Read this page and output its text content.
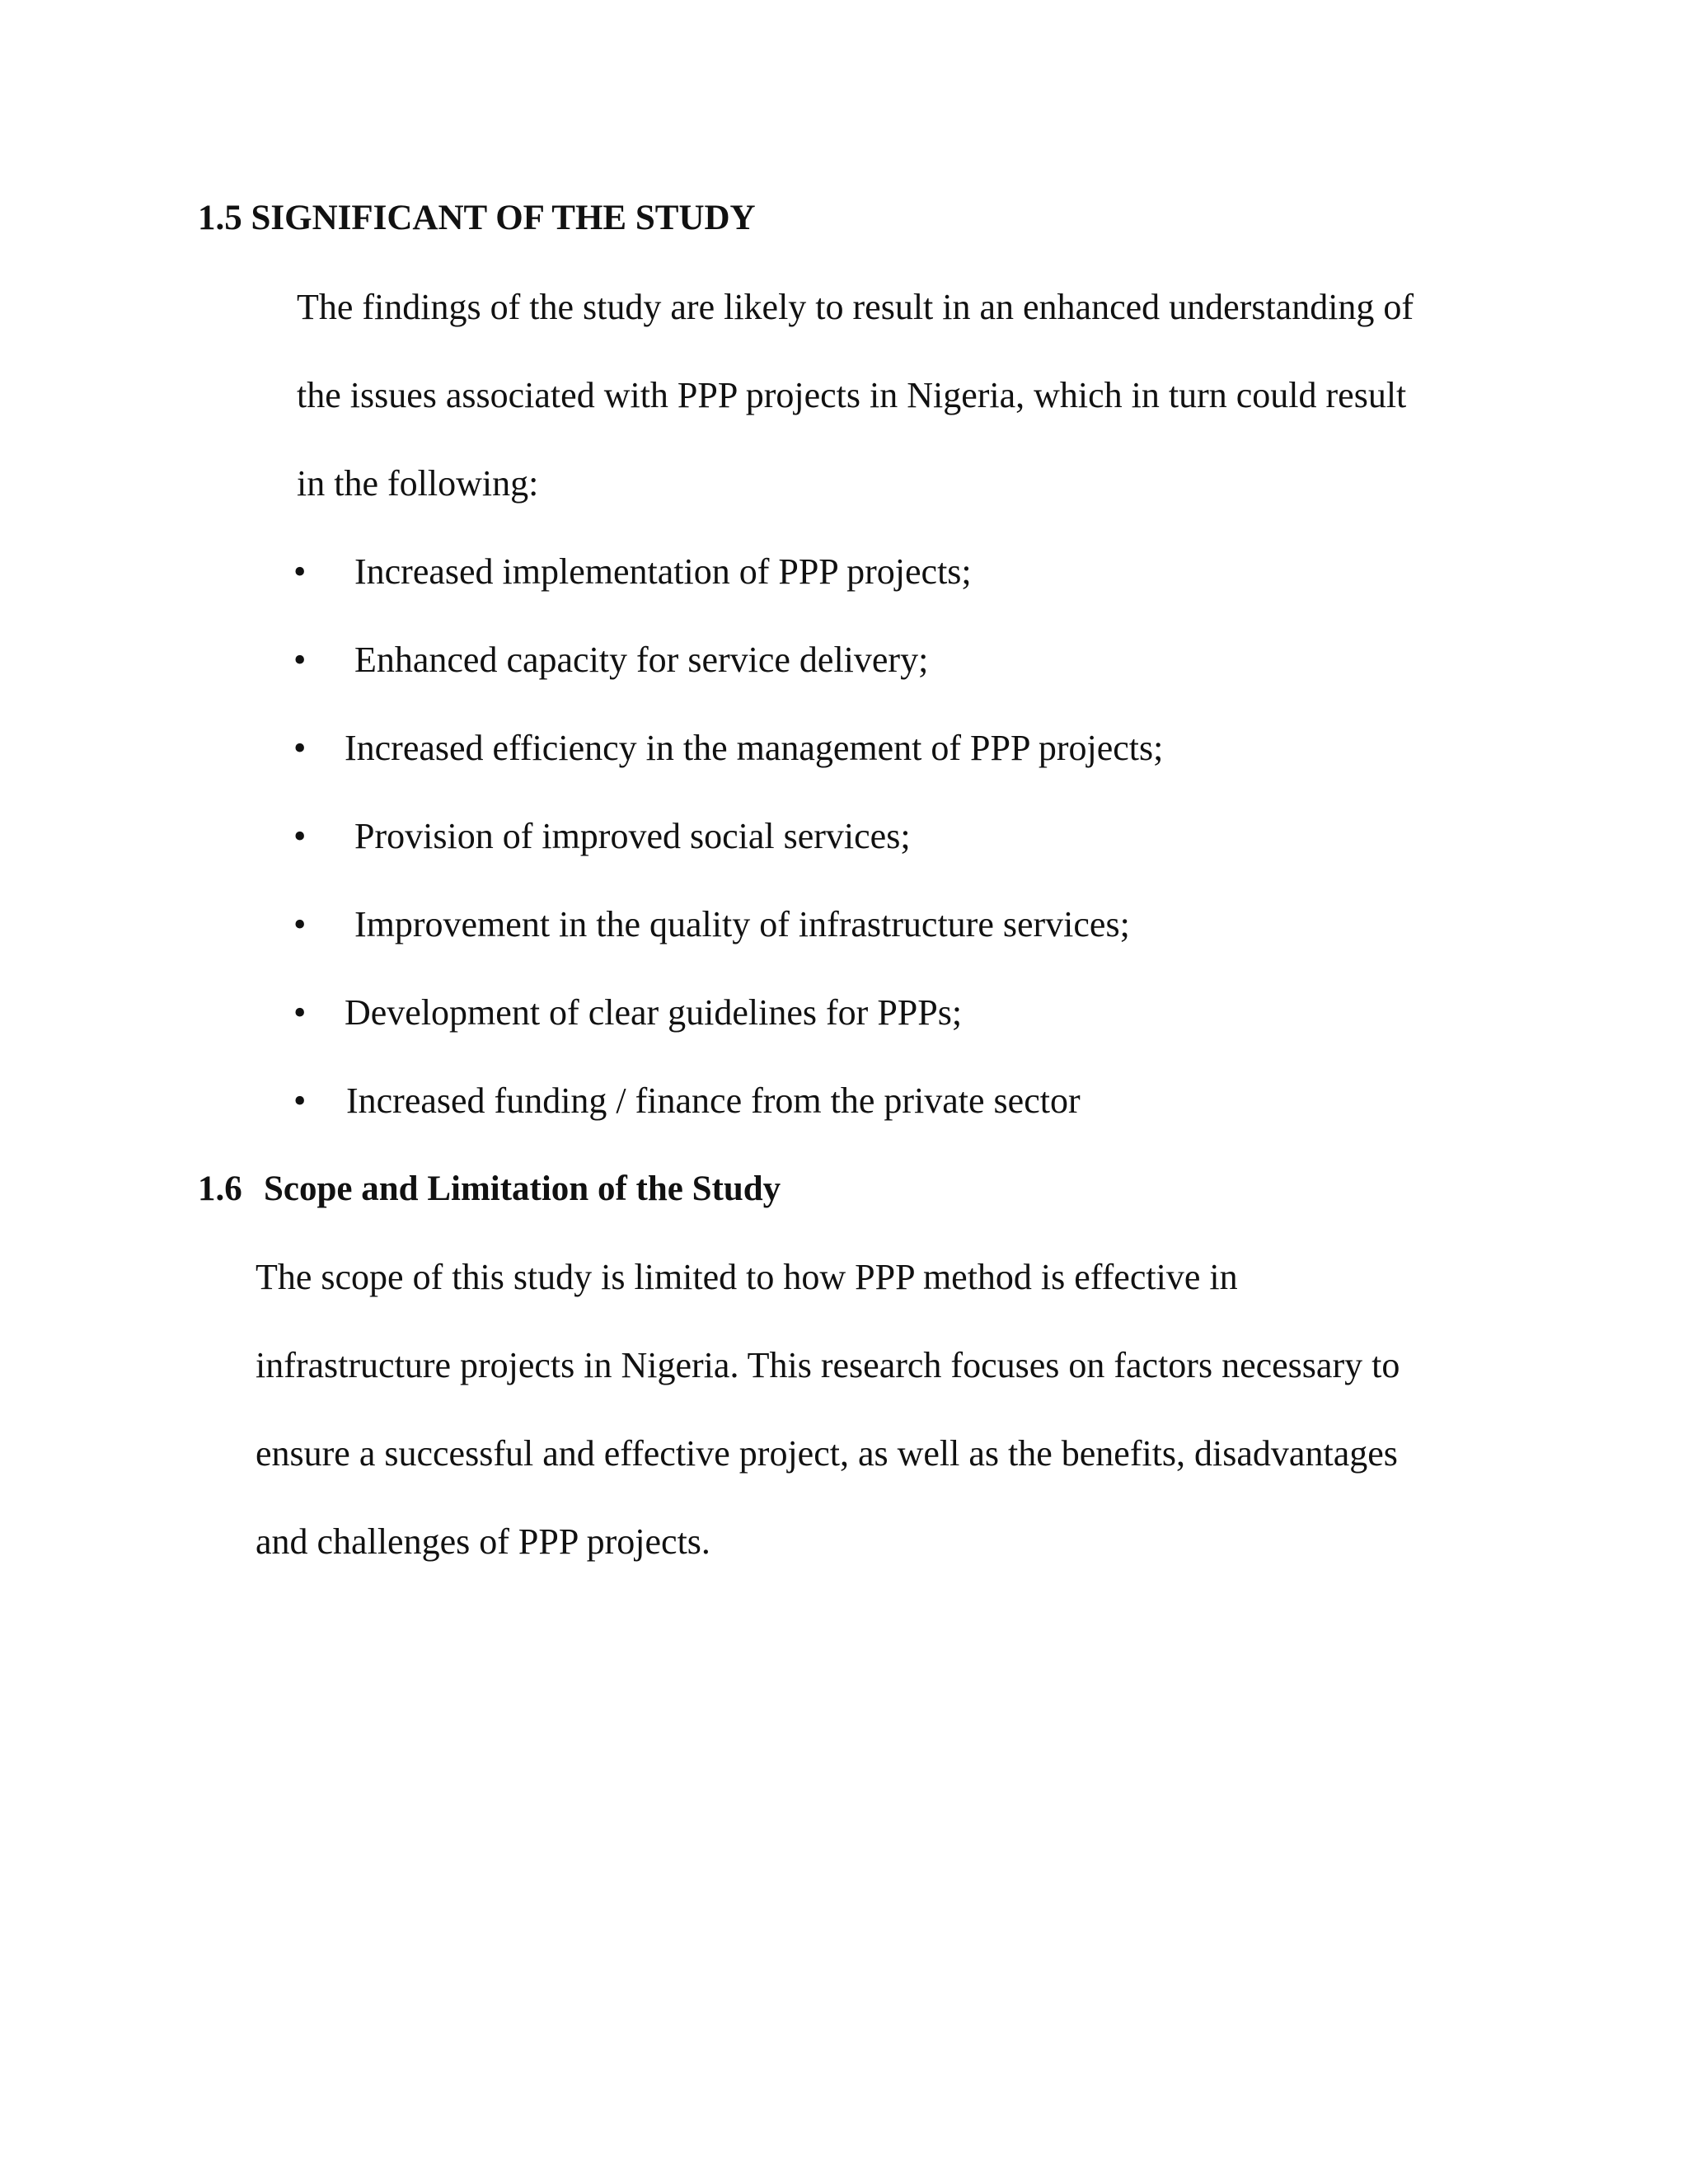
1.5 SIGNIFICANT OF THE STUDY

The findings of the study are likely to result in an enhanced understanding of

the issues associated with PPP projects in Nigeria, which in turn could result

in the following:

• Increased implementation of PPP projects;
• Enhanced capacity for service delivery;
• Increased efficiency in the management of PPP projects;
• Provision of improved social services;
• Improvement in the quality of infrastructure services;
• Development of clear guidelines for PPPs;
• Increased funding / finance from the private sector
1.6 Scope and Limitation of the Study

The scope of this study is limited to how PPP method is effective in

infrastructure projects in Nigeria. This research focuses on factors necessary to

ensure a successful and effective project, as well as the benefits, disadvantages

and challenges of PPP projects.
